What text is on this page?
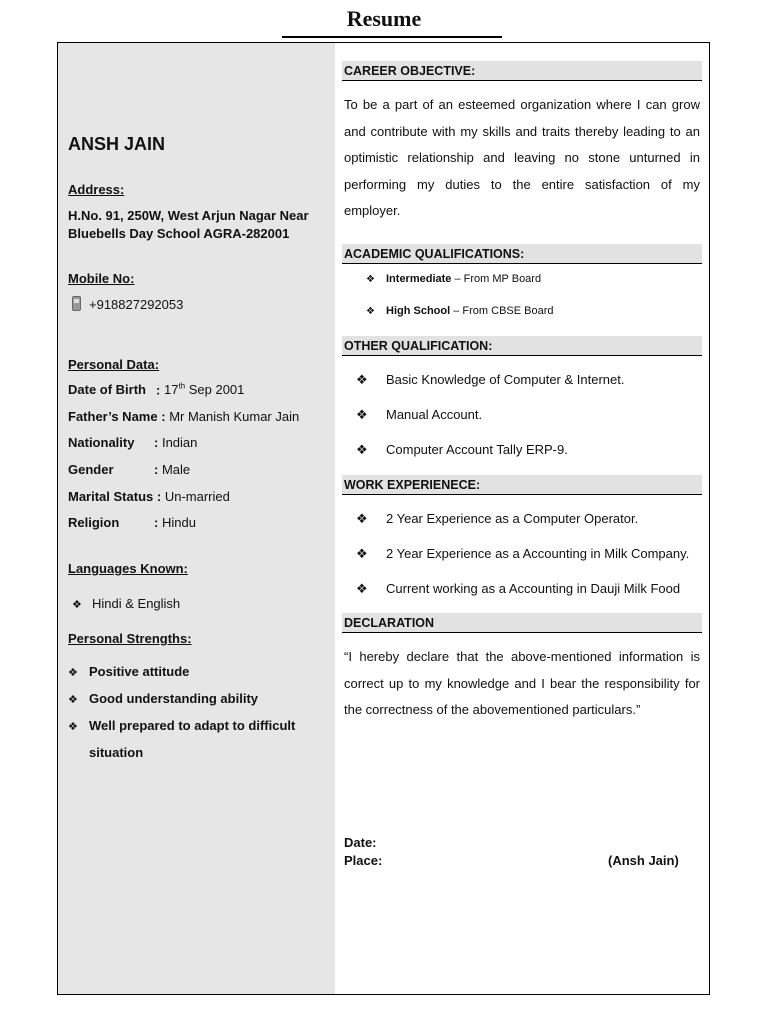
Resume
ANSH JAIN
Address:
H.No. 91, 250W, West Arjun Nagar Near
Bluebells Day School AGRA-282001
Mobile No:
+918827292053
Personal Data:
Date of Birth : 17th Sep 2001
Father’s Name : Mr Manish Kumar Jain
Nationality : Indian
Gender	: Male
Marital Status : Un-married
Religion	: Hindu
Languages Known:
❖ Hindi & English
Personal Strengths:
❖ Positive attitude
❖ Good understanding ability
❖ Well prepared to adapt to difficult
situation
CAREER OBJECTIVE:
To be a part of an esteemed organization where I can grow and contribute with my skills and traits thereby leading to an optimistic relationship and leaving no stone unturned in performing my duties to the entire satisfaction of my employer.
ACADEMIC QUALIFICATIONS:
❖ Intermediate – From MP Board
❖ High School – From CBSE Board
OTHER QUALIFICATION:
❖ Basic Knowledge of Computer & Internet.
❖ Manual Account.
❖ Computer Account Tally ERP-9.
WORK EXPERIENECE:
❖ 2 Year Experience as a Computer Operator.
❖ 2 Year Experience as a Accounting in Milk Company.
❖ Current working as a Accounting in Dauji Milk Food
DECLARATION
“I hereby declare that the above-mentioned information is correct up to my knowledge and I bear the responsibility for the correctness of the abovementioned particulars.”
Date:
Place:	(Ansh Jain)
